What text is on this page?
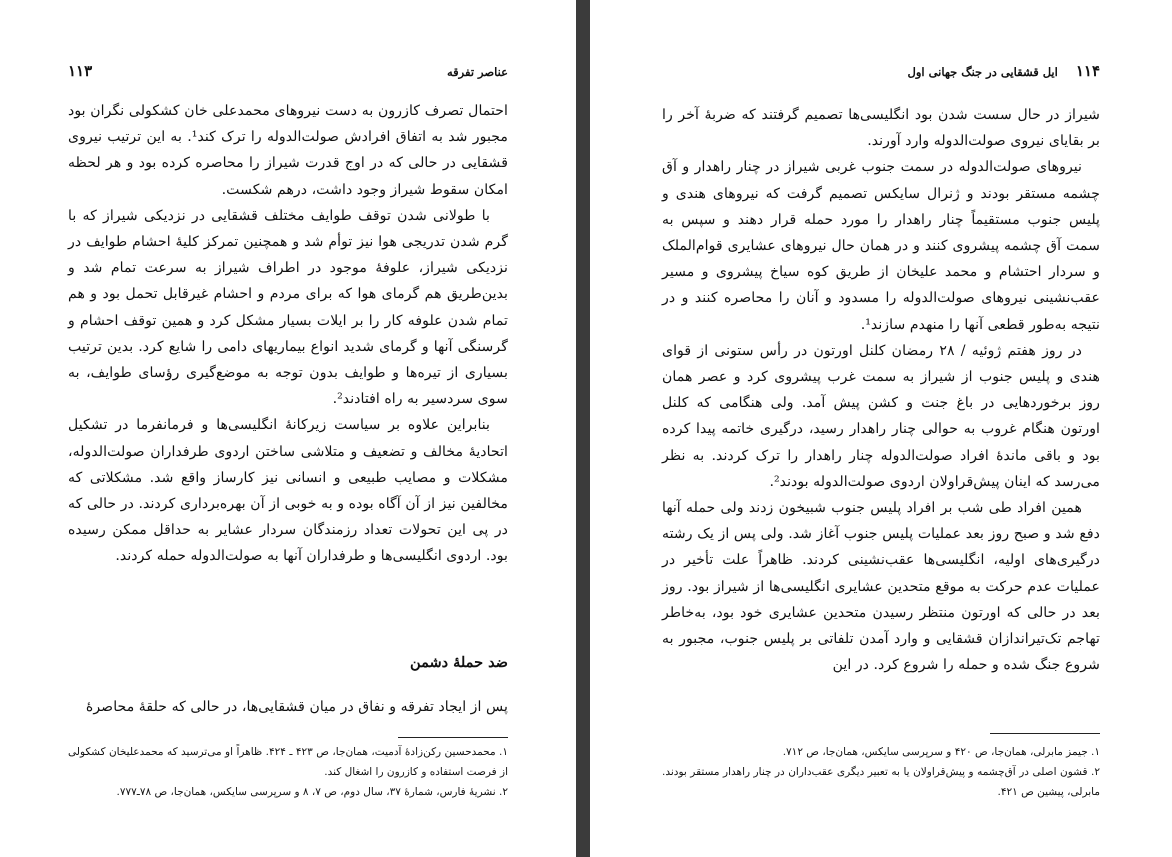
عناصر تفرقه
۱۱۳

احتمال تصرف کازرون به دست نیروهای محمدعلی خان کشکولی نگران بود مجبور شد به اتفاق افرادش صولت‌الدوله را ترک کند¹. به این ترتیب نیروی قشقایی در حالی که در اوج قدرت شیراز را محاصره کرده بود و هر لحظه امکان سقوط شیراز وجود داشت، درهم شکست.

با طولانی شدن توقف طوایف مختلف قشقایی در نزدیکی شیراز که با گرم شدن تدریجی هوا نیز توأم شد و همچنین تمرکز کلیهٔ احشام طوایف در نزدیکی شیراز، علوفهٔ موجود در اطراف شیراز به سرعت تمام شد و بدین‌طریق هم گرمای هوا که برای مردم و احشام غیرقابل تحمل بود و هم تمام شدن علوفه کار را بر ایلات بسیار مشکل کرد و همین توقف احشام و گرسنگی آنها و گرمای شدید انواع بیماریهای دامی را شایع کرد. بدین ترتیب بسیاری از تیره‌ها و طوایف بدون توجه به موضع‌گیری رؤسای طوایف، به سوی سردسیر به راه افتادند².

بنابراین علاوه بر سیاست زیرکانهٔ انگلیسی‌ها و فرمانفرما در تشکیل اتحادیهٔ مخالف و تضعیف و متلاشی ساختن اردوی طرفداران صولت‌الدوله، مشکلات و مصایب طبیعی و انسانی نیز کارساز واقع شد. مشکلاتی که مخالفین نیز از آن آگاه بوده و به خوبی از آن بهره‌برداری کردند. در حالی که در پی این تحولات تعداد رزمندگان سردار عشایر به حداقل ممکن رسیده بود. اردوی انگلیسی‌ها و طرفداران آنها به صولت‌الدوله حمله کردند.

ضد حملهٔ دشمن
پس از ایجاد تفرقه و نفاق در میان قشقایی‌ها، در حالی که حلقهٔ محاصرهٔ
۱. محمدحسین رکن‌زادهٔ آدمیت، همان‌جا، ص ۴۲۳ ـ ۴۲۴. ظاهراً او می‌ترسید که محمدعلیخان کشکولی از فرصت استفاده و کازرون را اشغال کند.
۲. نشریهٔ فارس، شمارهٔ ۳۷، سال دوم، ص ۷، ۸ و سرپرسی سایکس، همان‌جا، ص ۷۸ـ۷۷۷.
۱۱۴
ایل قشقایی در جنگ جهانی اول

شیراز در حال سست شدن بود انگلیسی‌ها تصمیم گرفتند که ضربهٔ آخر را بر بقایای نیروی صولت‌الدوله وارد آورند.

نیروهای صولت‌الدوله در سمت جنوب غربی شیراز در چنار راهدار و آق چشمه مستقر بودند و ژنرال سایکس تصمیم گرفت که نیروهای هندی و پلیس جنوب مستقیماً چنار راهدار را مورد حمله قرار دهند و سپس به سمت آق چشمه پیشروی کنند و در همان حال نیروهای عشایری قوام‌الملک و سردار احتشام و محمد علیخان از طریق کوه سیاخ پیشروی و مسیر عقب‌نشینی نیروهای صولت‌الدوله را مسدود و آنان را محاصره کنند و در نتیجه به‌طور قطعی آنها را منهدم سازند¹.

در روز هفتم ژوئیه / ۲۸ رمضان کلنل اورتون در رأس ستونی از قوای هندی و پلیس جنوب از شیراز به سمت غرب پیشروی کرد و عصر همان روز برخوردهایی در باغ جنت و کشن پیش آمد. ولی هنگامی که کلنل اورتون هنگام غروب به حوالی چنار راهدار رسید، درگیری خاتمه پیدا کرده بود و باقی ماندهٔ افراد صولت‌الدوله چنار راهدار را ترک کردند. به نظر می‌رسد که اینان پیش‌قراولان اردوی صولت‌الدوله بودند².

همین افراد طی شب بر افراد پلیس جنوب شبیخون زدند ولی حمله آنها دفع شد و صبح روز بعد عملیات پلیس جنوب آغاز شد. ولی پس از یک رشته درگیری‌های اولیه، انگلیسی‌ها عقب‌نشینی کردند. ظاهراً علت تأخیر در عملیات عدم حرکت به موقع متحدین عشایری انگلیسی‌ها از شیراز بود. روز بعد در حالی که اورتون منتظر رسیدن متحدین عشایری خود بود، به‌خاطر تهاجم تک‌تیراندازان قشقایی و وارد آمدن تلفاتی بر پلیس جنوب، مجبور به شروع جنگ شده و حمله را شروع کرد. در این

۱. جیمز مابرلی، همان‌جا، ص ۴۲۰ و سرپرسی سایکس، همان‌جا، ص ۷۱۲.
۲. قشون اصلی در آق‌چشمه و پیش‌قراولان یا به تعبیر دیگری عقب‌داران در چنار راهدار مستقر بودند. مابرلی، پیشین ص ۴۲۱.
